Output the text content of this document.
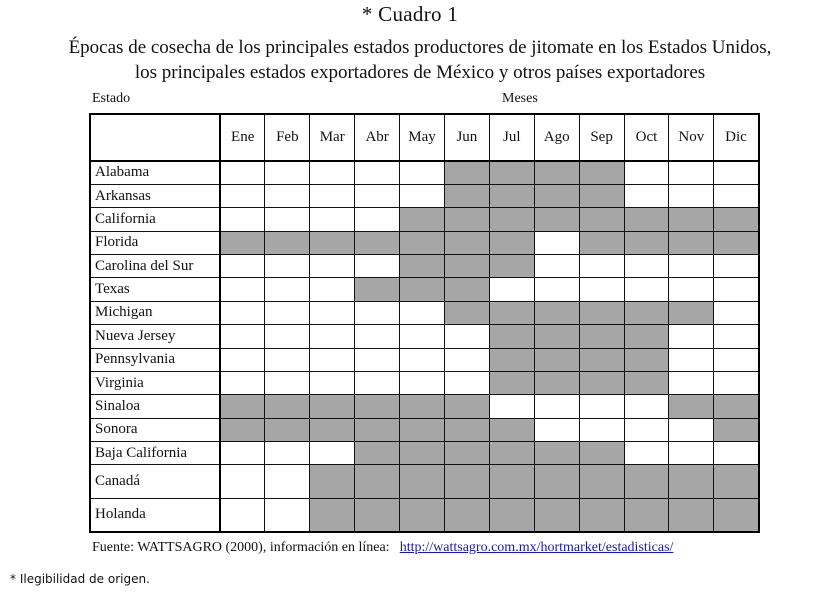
* Cuadro 1
Épocas de cosecha de los principales estados productores de jitomate en los Estados Unidos,
los principales estados exportadores de México y otros países exportadores
Estado	Meses
	Ene	Feb	Mar	Abr	May	Jun	Jul	Ago	Sep	Oct	Nov	Dic
Alabama												
Arkansas												
California												
Florida												
Carolina del Sur												
Texas												
Michigan												
Nueva Jersey												
Pennsylvania												
Virginia												
Sinaloa												
Sonora												
Baja California												
Canadá												
Holanda												
Fuente: WATTSAGRO (2000), información en línea: http://wattsagro.com.mx/hortmarket/estadisticas/
* Ilegibilidad de origen.
